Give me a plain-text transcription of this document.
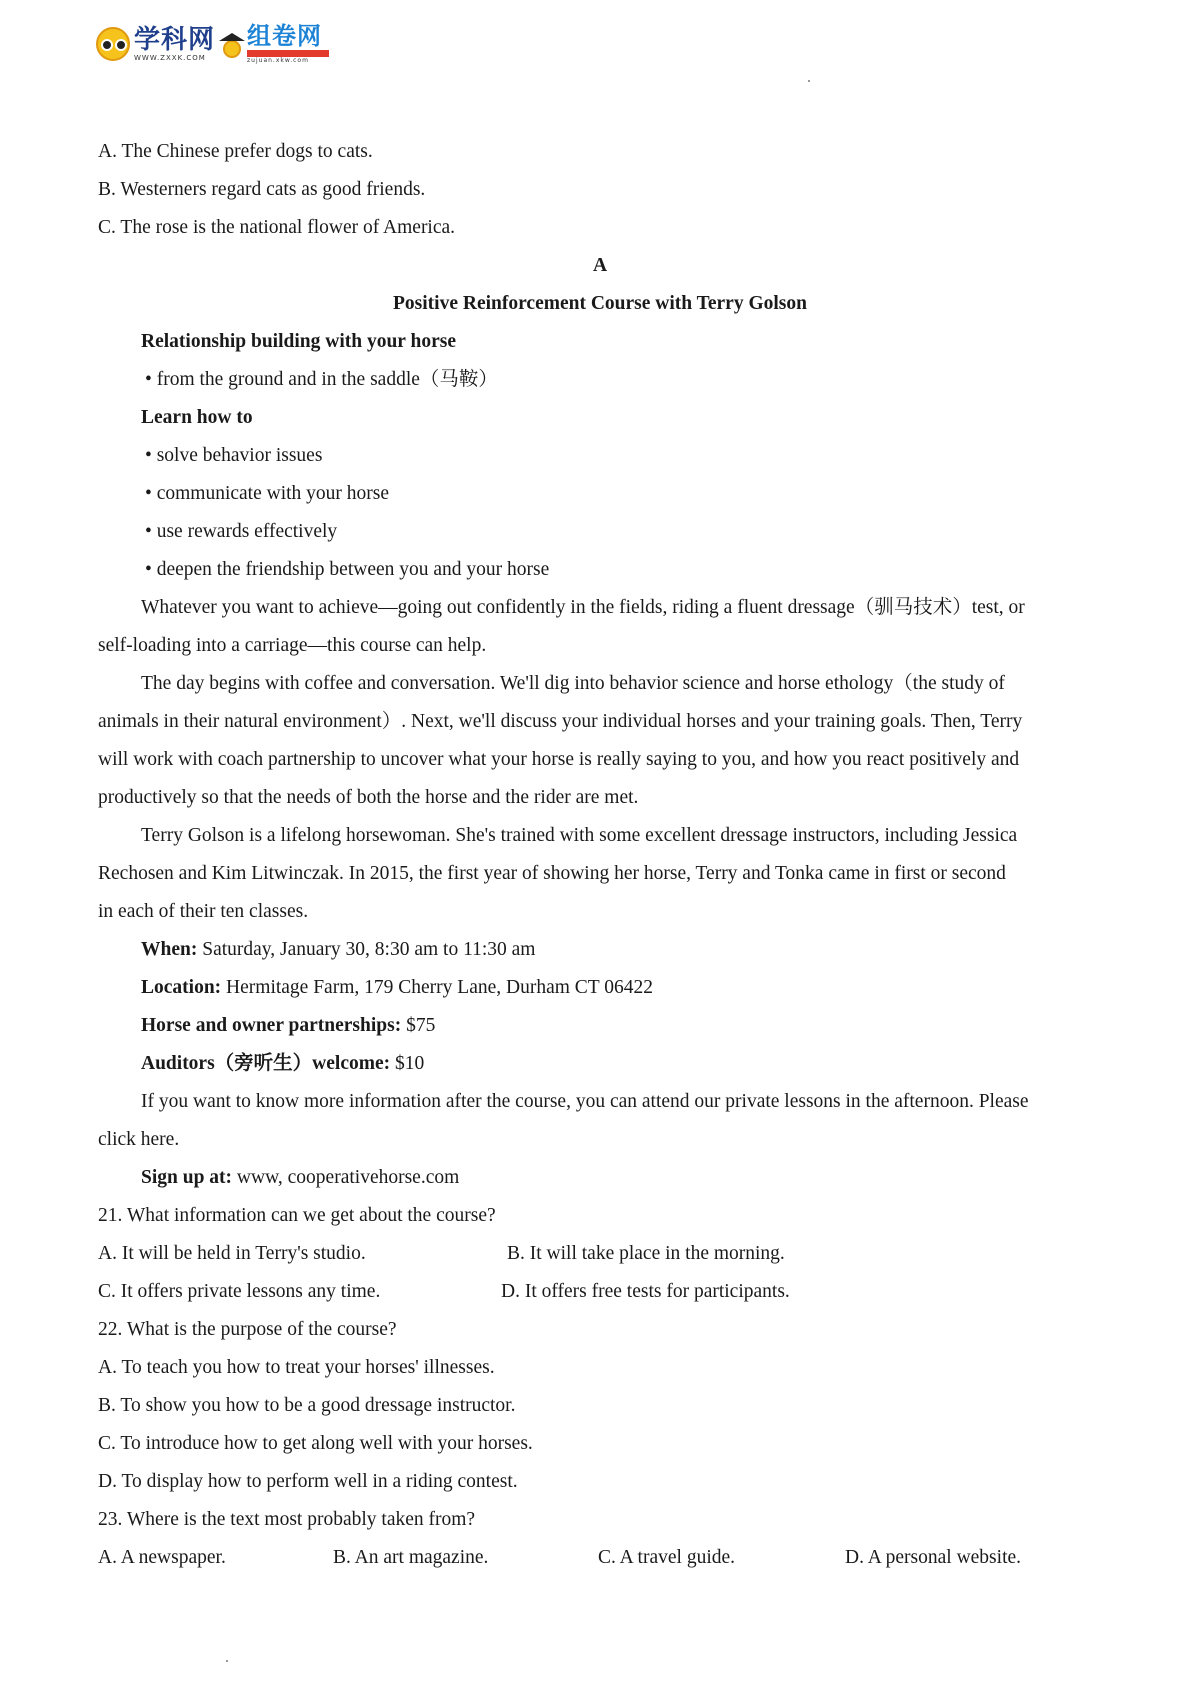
学科网
WWW.ZXXK.COM
组卷网
zujuan.xkw.com
A. The Chinese prefer dogs to cats.
B. Westerners regard cats as good friends.
C. The rose is the national flower of America.
A
Positive Reinforcement Course with Terry Golson
Relationship building with your horse
• from the ground and in the saddle（马鞍）
Learn how to
• solve behavior issues
• communicate with your horse
• use rewards effectively
• deepen the friendship between you and your horse
Whatever you want to achieve—going out confidently in the fields, riding a fluent dressage（驯马技术）test, or
self-loading into a carriage—this course can help.
The day begins with coffee and conversation. We'll dig into behavior science and horse ethology（the study of
animals in their natural environment）. Next, we'll discuss your individual horses and your training goals. Then, Terry
will work with coach partnership to uncover what your horse is really saying to you, and how you react positively and
productively so that the needs of both the horse and the rider are met.
Terry Golson is a lifelong horsewoman. She's trained with some excellent dressage instructors, including Jessica
Rechosen and Kim Litwinczak. In 2015, the first year of showing her horse, Terry and Tonka came in first or second
in each of their ten classes.
When: Saturday, January 30, 8:30 am to 11:30 am
Location: Hermitage Farm, 179 Cherry Lane, Durham CT 06422
Horse and owner partnerships: $75
Auditors（旁听生）welcome: $10
If you want to know more information after the course, you can attend our private lessons in the afternoon. Please
click here.
Sign up at: www, cooperativehorse.com
21. What information can we get about the course?
A. It will be held in Terry's studio.	B. It will take place in the morning.
C. It offers private lessons any time.	D. It offers free tests for participants.
22. What is the purpose of the course?
A. To teach you how to treat your horses' illnesses.
B. To show you how to be a good dressage instructor.
C. To introduce how to get along well with your horses.
D. To display how to perform well in a riding contest.
23. Where is the text most probably taken from?
A. A newspaper.	B. An art magazine.	C. A travel guide.	D. A personal website.
